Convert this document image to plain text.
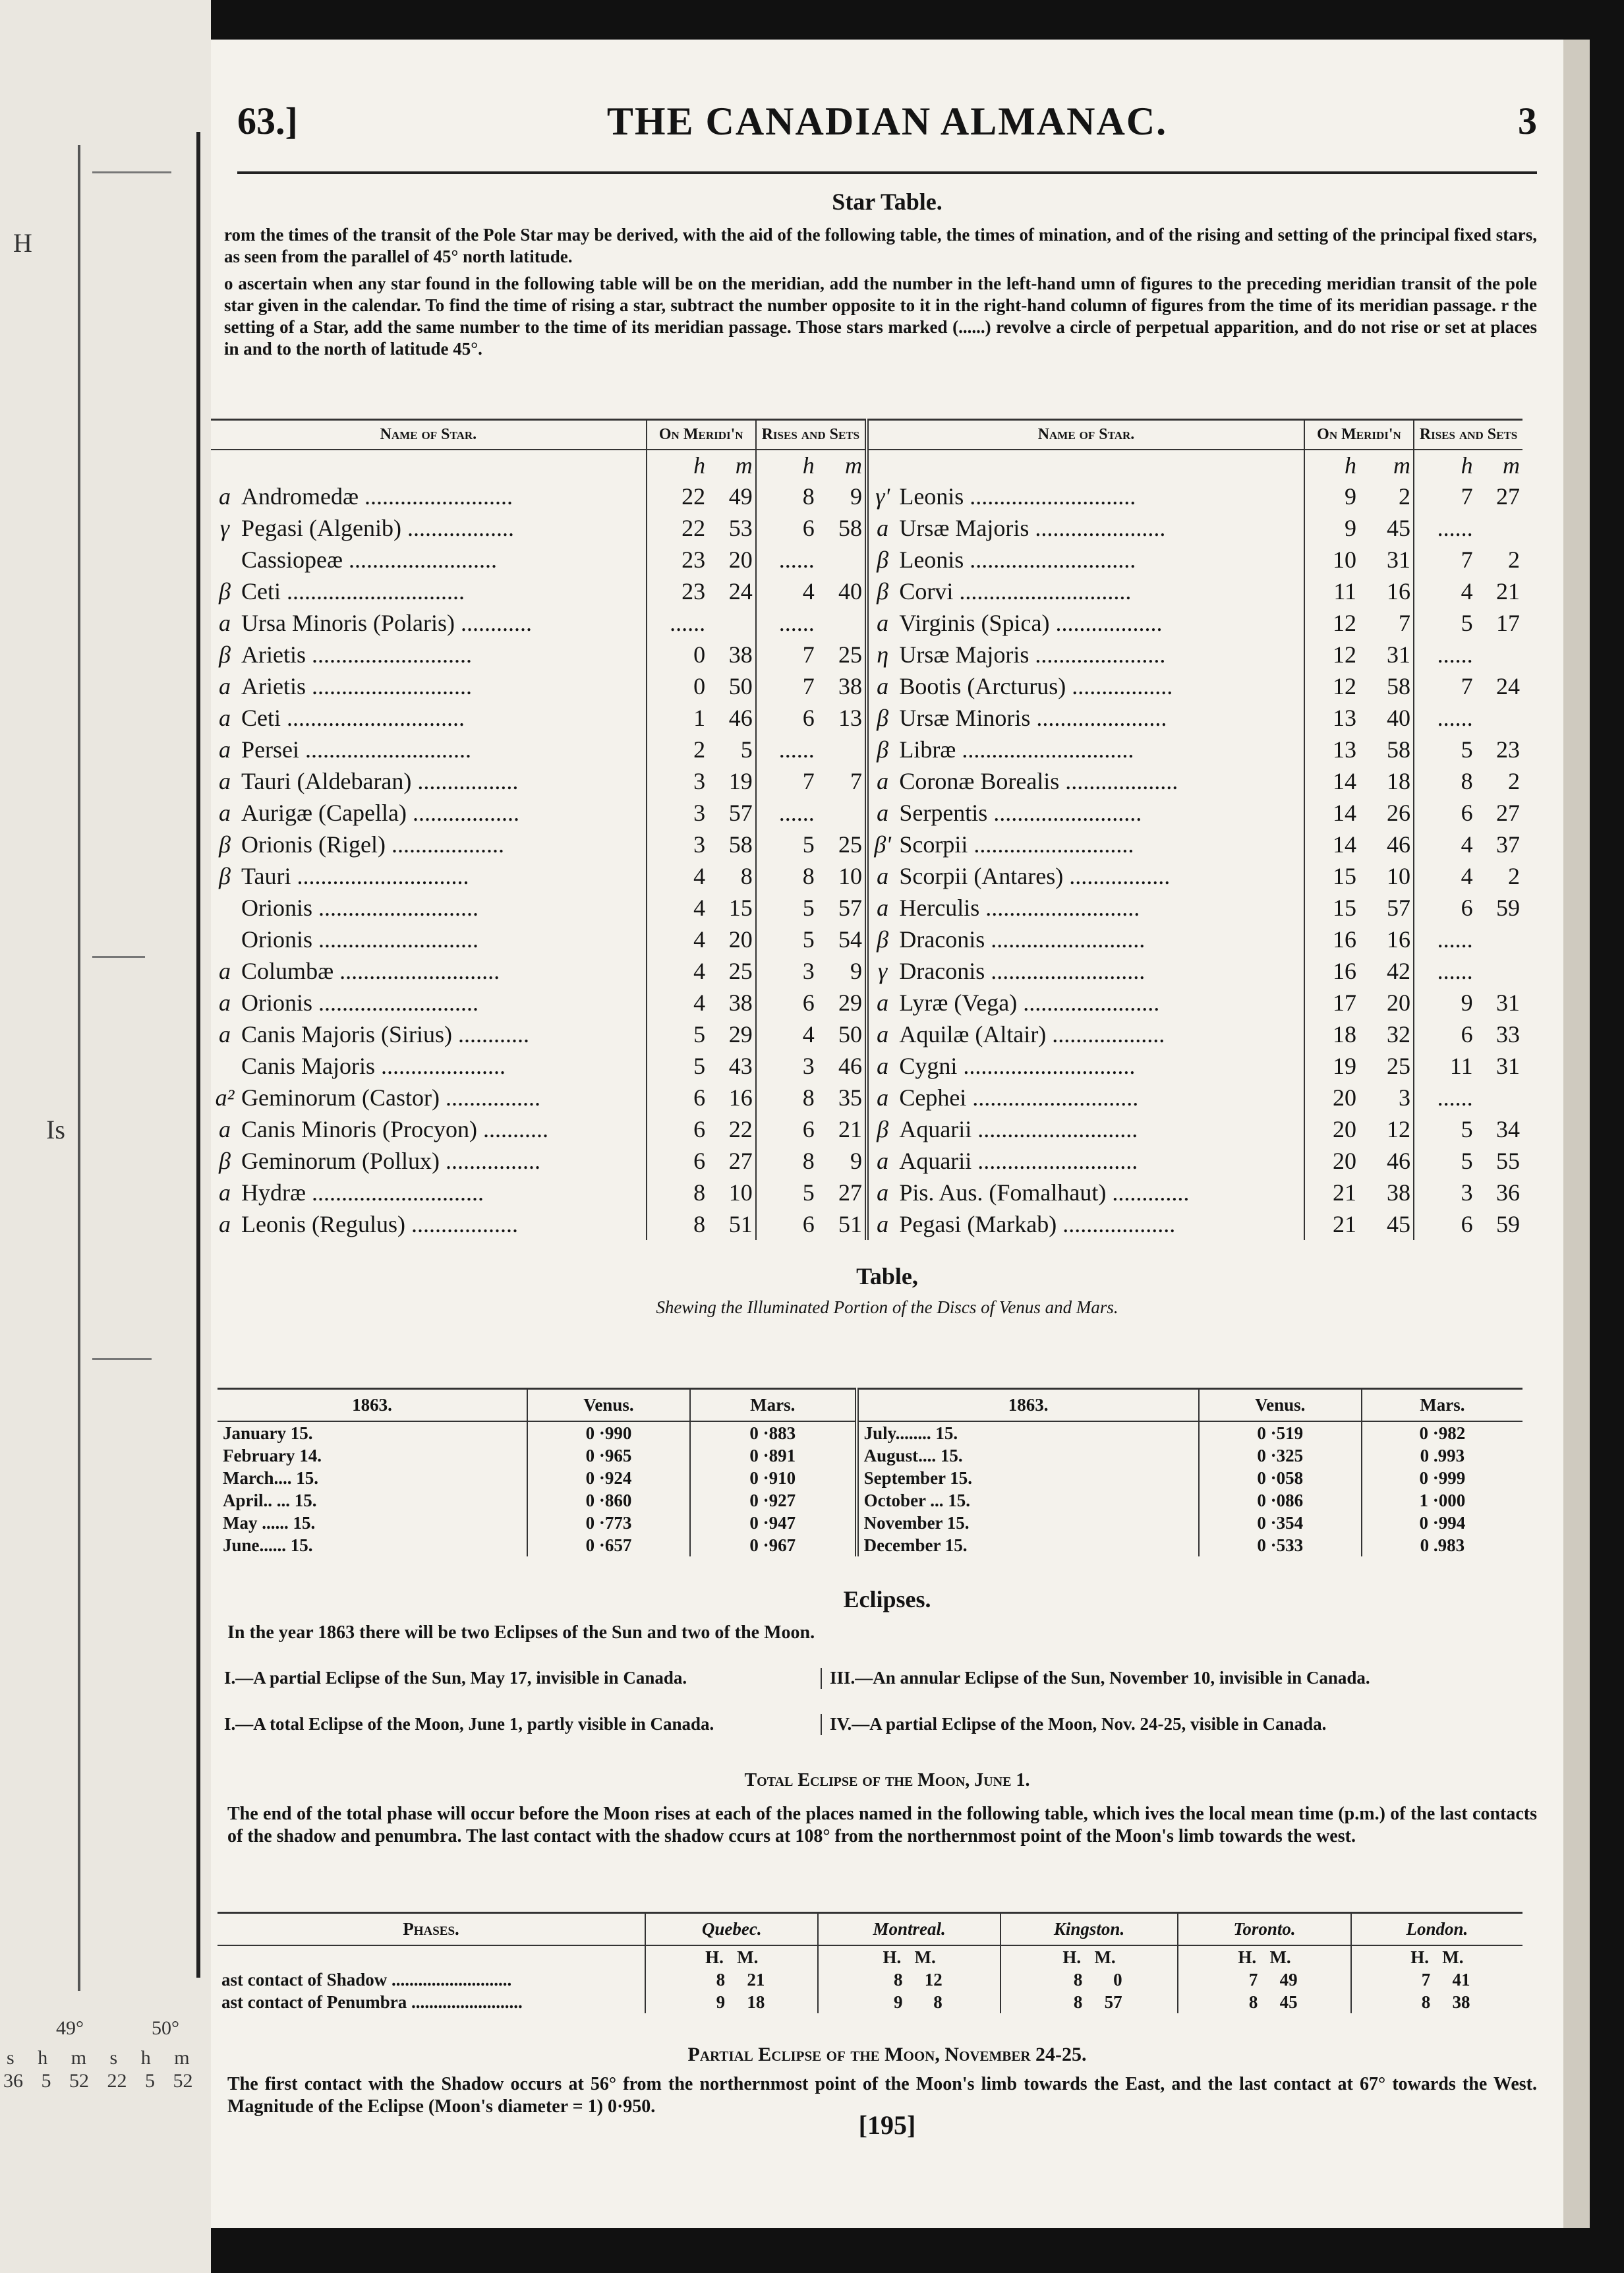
H
Is
49°	50°
s h m s h m
36 5 52 22 5 52
63.]	THE CANADIAN ALMANAC.	3
Star Table.

rom the times of the transit of the Pole Star may be derived, with the aid of the following table, the times of mination, and of the rising and setting of the principal fixed stars, as seen from the parallel of 45° north latitude.

o ascertain when any star found in the following table will be on the meridian, add the number in the left-hand umn of figures to the preceding meridian transit of the pole star given in the calendar. To find the time of rising a star, subtract the number opposite to it in the right-hand column of figures from the time of its meridian passage. r the setting of a Star, add the same number to the time of its meridian passage. Those stars marked (......) revolve a circle of perpetual apparition, and do not rise or set at places in and to the north of latitude 45°.

Name of Star.		On Meridi'n		Rises and Sets		Name of Star.		On Meridi'n		Rises and Sets	
		h	m	h	m			h	m	h	m
a	Andromedæ .........................	22	49	8	9	γ'	Leonis ............................	9	2	7	27
γ	Pegasi (Algenib) ..................	22	53	6	58	a	Ursæ Majoris ......................	9	45	......	
	Cassiopeæ .........................	23	20	......		β	Leonis ............................	10	31	7	2
β	Ceti ..............................	23	24	4	40	β	Corvi .............................	11	16	4	21
a	Ursa Minoris (Polaris) ............	......		......		a	Virginis (Spica) ..................	12	7	5	17
β	Arietis ...........................	0	38	7	25	η	Ursæ Majoris ......................	12	31	......	
a	Arietis ...........................	0	50	7	38	a	Bootis (Arcturus) .................	12	58	7	24
a	Ceti ..............................	1	46	6	13	β	Ursæ Minoris ......................	13	40	......	
a	Persei ............................	2	5	......		β	Libræ .............................	13	58	5	23
a	Tauri (Aldebaran) .................	3	19	7	7	a	Coronæ Borealis ...................	14	18	8	2
a	Aurigæ (Capella) ..................	3	57	......		a	Serpentis .........................	14	26	6	27
β	Orionis (Rigel) ...................	3	58	5	25	β'	Scorpii ...........................	14	46	4	37
β	Tauri .............................	4	8	8	10	a	Scorpii (Antares) .................	15	10	4	2
	Orionis ...........................	4	15	5	57	a	Herculis ..........................	15	57	6	59
	Orionis ...........................	4	20	5	54	β	Draconis ..........................	16	16	......	
a	Columbæ ...........................	4	25	3	9	γ	Draconis ..........................	16	42	......	
a	Orionis ...........................	4	38	6	29	a	Lyræ (Vega) .......................	17	20	9	31
a	Canis Majoris (Sirius) ............	5	29	4	50	a	Aquilæ (Altair) ...................	18	32	6	33
	Canis Majoris .....................	5	43	3	46	a	Cygni .............................	19	25	11	31
a²	Geminorum (Castor) ................	6	16	8	35	a	Cephei ............................	20	3	......	
a	Canis Minoris (Procyon) ...........	6	22	6	21	β	Aquarii ...........................	20	12	5	34
β	Geminorum (Pollux) ................	6	27	8	9	a	Aquarii ...........................	20	46	5	55
a	Hydræ .............................	8	10	5	27	a	Pis. Aus. (Fomalhaut) .............	21	38	3	36
a	Leonis (Regulus) ..................	8	51	6	51	a	Pegasi (Markab) ...................	21	45	6	59
Table,
Shewing the Illuminated Portion of the Discs of Venus and Mars.
1863.	Venus.	Mars.	1863.	Venus.	Mars.
January 15.	0 ·990	0 ·883	July........ 15.	0 ·519	0 ·982
February 14.	0 ·965	0 ·891	August.... 15.	0 ·325	0 .993
March.... 15.	0 ·924	0 ·910	September 15.	0 ·058	0 ·999
April.. ... 15.	0 ·860	0 ·927	October ... 15.	0 ·086	1 ·000
May ...... 15.	0 ·773	0 ·947	November 15.	0 ·354	0 ·994
June...... 15.	0 ·657	0 ·967	December 15.	0 ·533	0 .983
Eclipses.
In the year 1863 there will be two Eclipses of the Sun and two of the Moon.
I.—A partial Eclipse of the Sun, May 17, invisible in Canada.
I.—A total Eclipse of the Moon, June 1, partly visible in Canada.
III.—An annular Eclipse of the Sun, November 10, invisible in Canada.
IV.—A partial Eclipse of the Moon, Nov. 24-25, visible in Canada.
Total Eclipse of the Moon, June 1.
The end of the total phase will occur before the Moon rises at each of the places named in the following table, which ives the local mean time (p.m.) of the last contacts of the shadow and penumbra. The last contact with the shadow ccurs at 108° from the northernmost point of the Moon's limb towards the west.
Phases.	Quebec.	Montreal.	Kingston.	Toronto.	London.
	H. M.	H. M.	H. M.	H. M.	H. M.
ast contact of Shadow ...........................	8 21	8 12	8 0	7 49	7 41
ast contact of Penumbra .........................	9 18	9 8	8 57	8 45	8 38
Partial Eclipse of the Moon, November 24-25.
The first contact with the Shadow occurs at 56° from the northernmost point of the Moon's limb towards the East, and the last contact at 67° towards the West. Magnitude of the Eclipse (Moon's diameter = 1) 0·950.
[195]
